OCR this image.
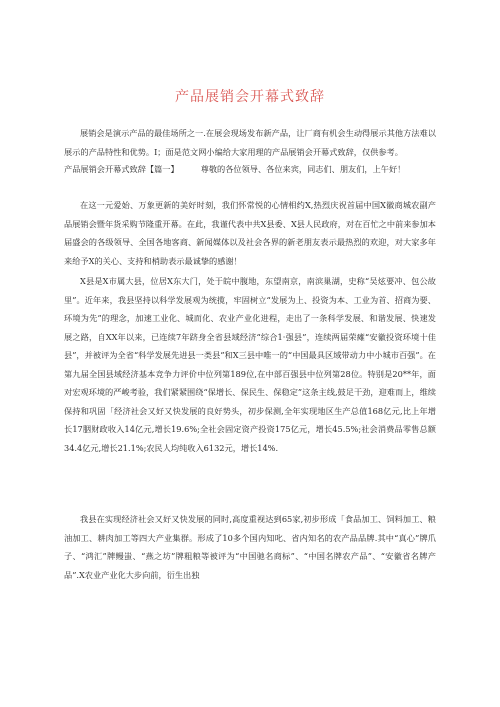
产品展销会开幕式致辞

展销会是演示产品的最佳场所之一.在展会现场发布新产品，让厂商有机会生动得展示其他方法难以展示的产品特性和优势。I；面是范文网小编给大家用理的产品展销会开幕式致辞，仅供参考。

产品展销会开幕式致辞【篇一】	尊敬的各位领导、各位来宾，同志们、朋友们，上午好！

在这一元爱始、万象更新的美好时刻，我们怀常悦的心情相约X,热烈庆祝首届中国X徽商城农副产品展销会暨年货采购节隆重开幕。在此，我谨代表中共X县委、X县人民政府，对在百忙之中前来参加本届盛会的各级领导、全国各地客商、新闻媒体以及社会各界的新老朋友表示最热烈的欢迎，对大家多年来给予X的关心、支持和梢助表示最诚挚的感谢！

X县是X市属大县，位居X东大门，处于皖中腹地，东望南京，南滨巢湖，史称“吴炫要冲、包公故里”。近年来，我县坚持以科学发展观为统揽，牢固树立“发展为上、投资为本、工业为首、招商为要、环境为先”的理念，加速工业化、城而化、农业产业化进程，走出了一条科学发展、和谐发展、快速发展之路，自XX年以来，已连续7年跻身全省县域经济“综合1·强县”，连续两届荣瘫“安徽投资环境十佳县”，并被评为全省“科学发展先进县一类县”和X三县中唯一的“中国最具区域带动力中小城市百强”。在第九届全国县域经济基本竞争力评价中位列第189位,在中部百强县中位列第28位。特别是20**年，面对宏观环境的严峻考验，我们紧紧围绕“保增长、保民生、保稳定”这条主线,鼓足干劲，迎难而上，维续保持和巩固「经济社会又好又快发展的良好势头，初步保测,全年实现地区生产总值168亿元,比上年增长17胭财政收入14亿元,增长19.6%;全社会固定资产投资175亿元，增长45.5%;社会消费品零售总额34.4亿元,增长21.1%;农民人均纯收入6132元，增长14%.

我县在实现经济社会又好又快发展的同时,高度重视达到65家,初步形成「食品加工、饲料加工、粮油加工、耕肉加工等四大产业集群。形成了10多个国内知叱、省内知名的农产品品牌.其中“真心”牌爪子、“鸿汇”牌鳗蚩、“燕之坊”牌粗粮等被评为“中国驰名商标”、“中国名牌农产品”、“安徽省名牌产品”.X农业产业化大步向前，衍生出独
